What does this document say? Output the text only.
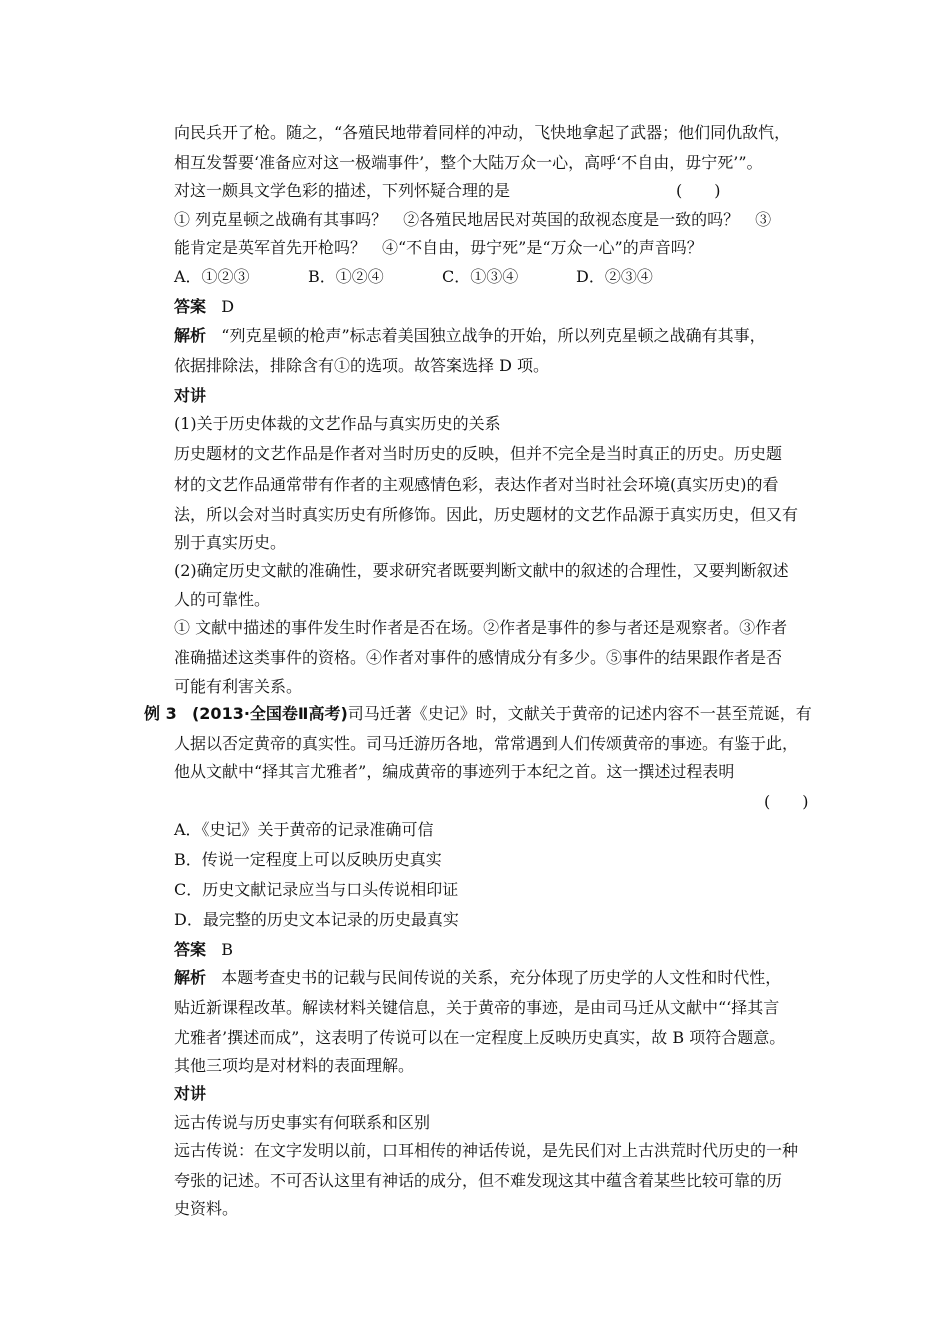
向民兵开了枪。随之，“各殖民地带着同样的冲动，飞快地拿起了武器；他们同仇敌忾，
相互发誓要‘准备应对这一极端事件’，整个大陆万众一心，高呼‘不自由，毋宁死’”。
对这一颇具文学色彩的描述，下列怀疑合理的是	(　　)
① 列克星顿之战确有其事吗？　②各殖民地居民对英国的敌视态度是一致的吗？　③
能肯定是英军首先开枪吗？　④“不自由，毋宁死”是“万众一心”的声音吗？
A．①②③	B．①②④	C．①③④	D．②③④
答案 D
解析 “列克星顿的枪声”标志着美国独立战争的开始，所以列克星顿之战确有其事，
依据排除法，排除含有①的选项。故答案选择 D 项。
对讲
(1)关于历史体裁的文艺作品与真实历史的关系
历史题材的文艺作品是作者对当时历史的反映，但并不完全是当时真正的历史。历史题
材的文艺作品通常带有作者的主观感情色彩，表达作者对当时社会环境(真实历史)的看
法，所以会对当时真实历史有所修饰。因此，历史题材的文艺作品源于真实历史，但又有
别于真实历史。
(2)确定历史文献的准确性，要求研究者既要判断文献中的叙述的合理性，又要判断叙述
人的可靠性。
① 文献中描述的事件发生时作者是否在场。②作者是事件的参与者还是观察者。③作者
准确描述这类事件的资格。④作者对事件的感情成分有多少。⑤事件的结果跟作者是否
可能有利害关系。
例 3 (2013·全国卷Ⅱ高考)司马迁著《史记》时，文献关于黄帝的记述内容不一甚至荒诞，有
人据以否定黄帝的真实性。司马迁游历各地，常常遇到人们传颂黄帝的事迹。有鉴于此，
他从文献中“择其言尤雅者”，编成黄帝的事迹列于本纪之首。这一撰述过程表明
(　　)
A．《史记》关于黄帝的记录准确可信
B．传说一定程度上可以反映历史真实
C．历史文献记录应当与口头传说相印证
D．最完整的历史文本记录的历史最真实
答案 B
解析 本题考查史书的记载与民间传说的关系，充分体现了历史学的人文性和时代性，
贴近新课程改革。解读材料关键信息，关于黄帝的事迹，是由司马迁从文献中“‘择其言
尤雅者’撰述而成”，这表明了传说可以在一定程度上反映历史真实，故 B 项符合题意。
其他三项均是对材料的表面理解。
对讲
远古传说与历史事实有何联系和区别
远古传说：在文字发明以前，口耳相传的神话传说，是先民们对上古洪荒时代历史的一种
夸张的记述。不可否认这里有神话的成分，但不难发现这其中蕴含着某些比较可靠的历
史资料。
